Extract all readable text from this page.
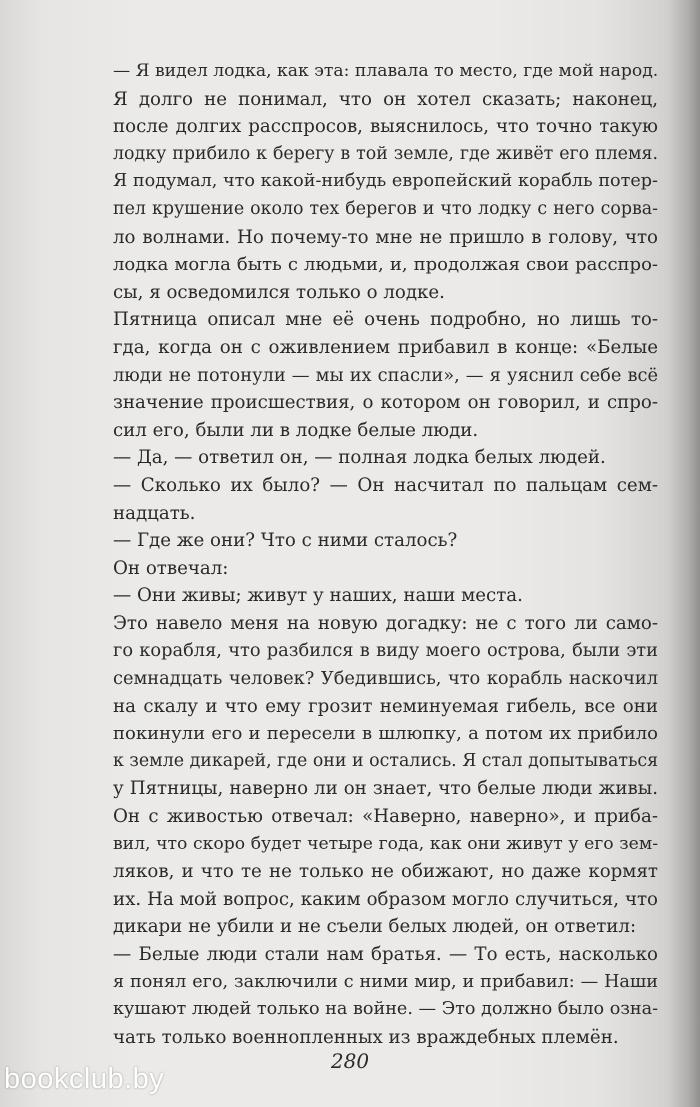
— Я видел лодка, как эта: плавала то место, где мой народ.
Я долго не понимал, что он хотел сказать; наконец,
после долгих расспросов, выяснилось, что точно такую
лодку прибило к берегу в той земле, где живёт его племя.
Я подумал, что какой-нибудь европейский корабль потер-
пел крушение около тех берегов и что лодку с него сорва-
ло волнами. Но почему-то мне не пришло в голову, что
лодка могла быть с людьми, и, продолжая свои расспро-
сы, я осведомился только о лодке.
Пятница описал мне её очень подробно, но лишь то-
гда, когда он с оживлением прибавил в конце: «Белые
люди не потонули — мы их спасли», — я уяснил себе всё
значение происшествия, о котором он говорил, и спро-
сил его, были ли в лодке белые люди.
— Да, — ответил он, — полная лодка белых людей.
— Сколько их было? — Он насчитал по пальцам сем-
надцать.
— Где же они? Что с ними сталось?
Он отвечал:
— Они живы; живут у наших, наши места.
Это навело меня на новую догадку: не с того ли само-
го корабля, что разбился в виду моего острова, были эти
семнадцать человек? Убедившись, что корабль наскочил
на скалу и что ему грозит неминуемая гибель, все они
покинули его и пересели в шлюпку, а потом их прибило
к земле дикарей, где они и остались. Я стал допытываться
у Пятницы, наверно ли он знает, что белые люди живы.
Он с живостью отвечал: «Наверно, наверно», и приба-
вил, что скоро будет четыре года, как они живут у его зем-
ляков, и что те не только не обижают, но даже кормят
их. На мой вопрос, каким образом могло случиться, что
дикари не убили и не съели белых людей, он ответил:
— Белые люди стали нам братья. — То есть, насколько
я понял его, заключили с ними мир, и прибавил: — Наши
кушают людей только на войне. — Это должно было озна-
чать только военнопленных из враждебных племён.
280
bookclub.by
